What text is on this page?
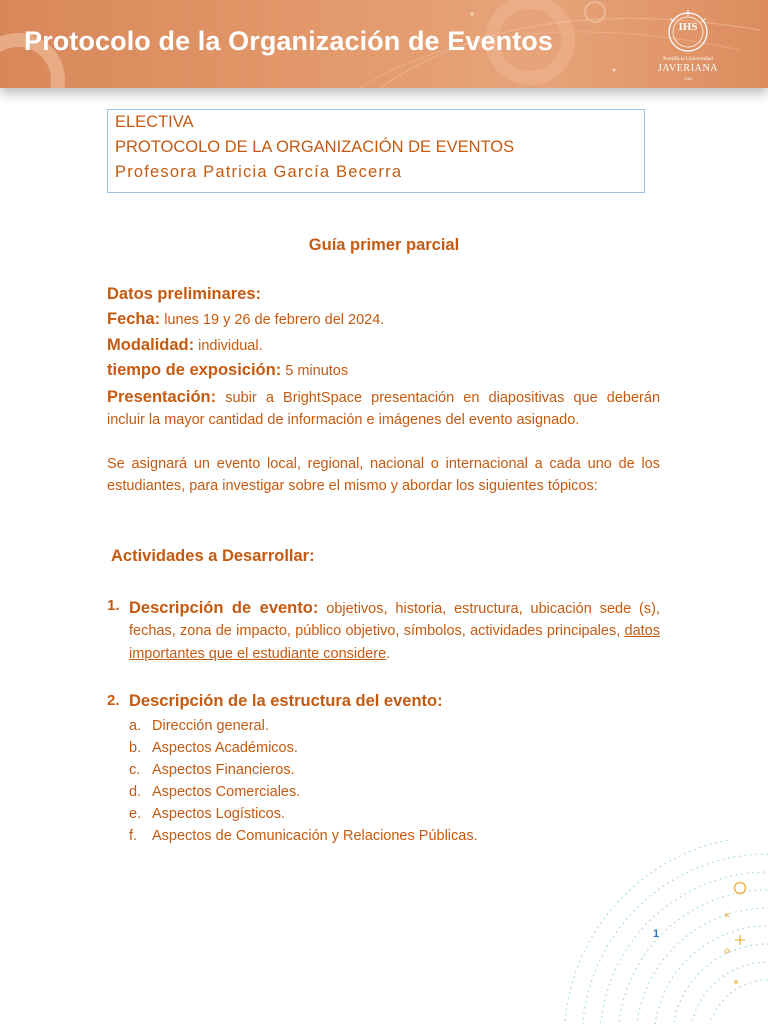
Protocolo de la Organización de Eventos	IHS
Pontificia Universidad
JAVERIANA
Cali
ELECTIVA
PROTOCOLO DE LA ORGANIZACIÓN DE EVENTOS
Profesora Patricia García Becerra
Guía primer parcial
Datos preliminares:
Fecha: lunes 19 y 26 de febrero del 2024.
Modalidad: individual.
tiempo de exposición: 5 minutos
Presentación: subir a BrightSpace presentación en diapositivas que deberán incluir la mayor cantidad de información e imágenes del evento asignado.
Se asignará un evento local, regional, nacional o internacional a cada uno de los estudiantes, para investigar sobre el mismo y abordar los siguientes tópicos:
Actividades a Desarrollar:
1. Descripción de evento: objetivos, historia, estructura, ubicación sede (s), fechas, zona de impacto, público objetivo, símbolos, actividades principales, datos importantes que el estudiante considere.
2. Descripción de la estructura del evento:
a. Dirección general.
b. Aspectos Académicos.
c. Aspectos Financieros.
d. Aspectos Comerciales.
e. Aspectos Logísticos.
f. Aspectos de Comunicación y Relaciones Públicas.
1
